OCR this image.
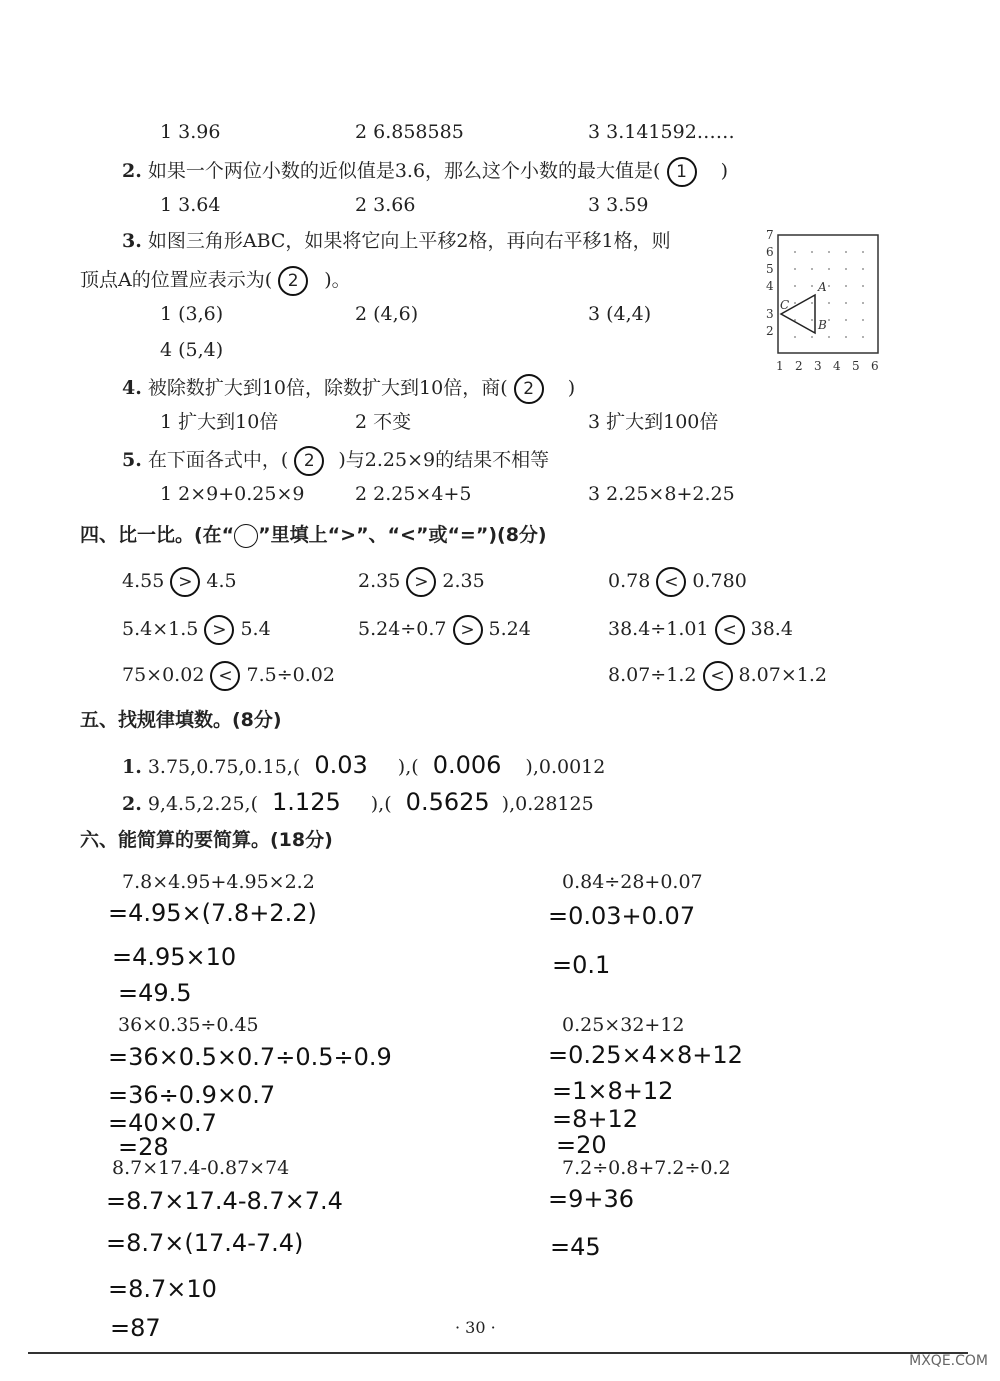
1 3.96	2 6.858585	3 3.141592……
2. 如果一个两位小数的近似值是3.6，那么这个小数的最大值是( 1 )
1 3.64	2 3.66	3 3.59
3. 如图三角形ABC，如果将它向上平移2格，再向右平移1格，则
顶点A的位置应表示为( 2 )。
1 (3,6)	2 (4,6)	3 (4,4)
4 (5,4)
7
6
5
4
3
2
1 2 3 4 5 6
A
B
C
4. 被除数扩大到10倍，除数扩大到10倍，商( 2 )
1 扩大到10倍	2 不变	3 扩大到100倍
5. 在下面各式中，( 2 )与2.25×9的结果不相等
1 2×9+0.25×9	2 2.25×4+5	3 2.25×8+2.25
四、比一比。(在“ ”里填上“>”、“<”或“=”)(8分)
4.55 > 4.5	2.35 > 2.35	0.78 < 0.780
5.4×1.5 > 5.4	5.24÷0.7 > 5.24	38.4÷1.01 < 38.4
75×0.02 < 7.5÷0.02	8.07÷1.2 < 8.07×1.2
五、找规律填数。(8分)
1. 3.75,0.75,0.15,( 0.03 ),( 0.006 ),0.0012
2. 9,4.5,2.25,( 1.125 ),( 0.5625 ),0.28125
六、能简算的要简算。(18分)
7.8×4.95+4.95×2.2
=4.95×(7.8+2.2)
=4.95×10
=49.5
0.84÷28+0.07
=0.03+0.07
=0.1
36×0.35÷0.45
=36×0.5×0.7÷0.5÷0.9
=36÷0.9×0.7
=40×0.7
=28
0.25×32+12
=0.25×4×8+12
=1×8+12
=8+12
=20
8.7×17.4-0.87×74
=8.7×17.4-8.7×7.4
=8.7×(17.4-7.4)
=8.7×10
=87
7.2÷0.8+7.2÷0.2
=9+36
=45
· 30 ·
MXQE.COM
